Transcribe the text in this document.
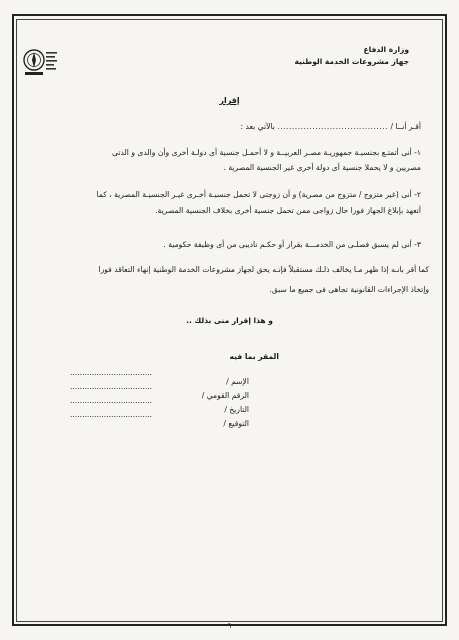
وزارة الدفاع
جهاز مشروعات الخدمة الوطنية
إقرار
أقـر أنــا / ...................................... بالآتي بعد :
١- أنى أتمتـع بجنسيـة جمهوريـة مصـر العربيــة و لا أحمـل جنسية أى دولـة أخرى وأن والدى و الدتى
مصريين و لا يحملا جنسية أى دولة أخرى غير الجنسية المصرية .
٢- أنى (غير متزوج / متزوج من مصرية) و أن زوجتى لا تحمل جنسيـة أخـرى غيـر الجنسيـة المصرية ، كما
أتعهد بإبلاغ الجهاز فورا حال زواجى ممن تحمل جنسية أخرى بخلاف الجنسية المصرية.
٣- أنى لم يسبق فصلـى من الخدمـــة بقرار أو حكـم تاديبى من أى وظيفة حكومية .
كما أقر بانـه إذا ظهر مـا يخالف ذلـك مستقبلاً فإنـه يحق لجهاز مشروعات الخدمة الوطنية إنهاء التعاقد فورا
وإتخاذ الإجراءات القانونية تجاهى فى جميع ما سبق.
و هذا إقرار منى بذلك ..
المقر بما فيه
الإسم /
..................................
الرقم القومي /
..................................
التاريخ /
..................................
التوقيع /
..................................
٦
